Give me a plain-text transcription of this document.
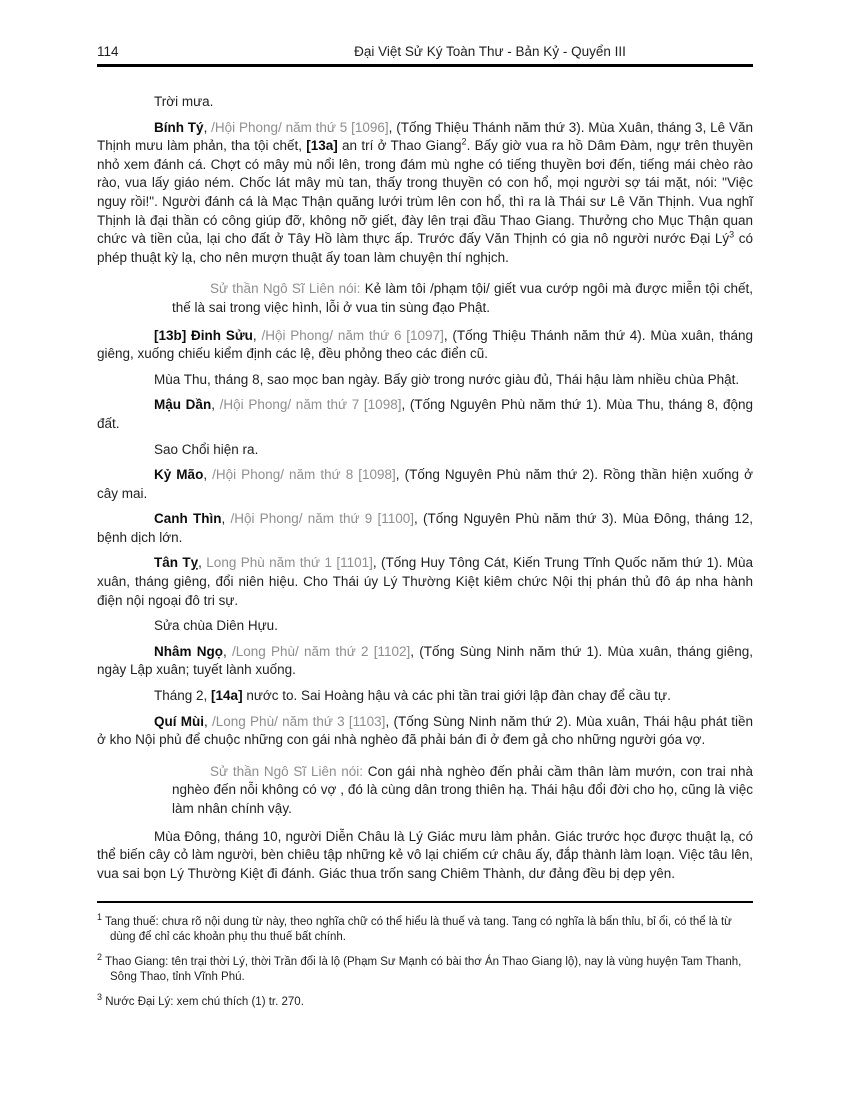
114	Đại Việt Sử Ký Toàn Thư - Bản Kỷ - Quyển III

Trời mưa.

Bính Tý, /Hội Phong/ năm thứ 5 [1096], (Tống Thiệu Thánh năm thứ 3). Mùa Xuân, tháng 3, Lê Văn Thịnh mưu làm phản, tha tội chết, [13a] an trí ở Thao Giang$^2$. Bấy giờ vua ra hồ Dâm Đàm, ngự trên thuyền nhỏ xem đánh cá. Chợt có mây mù nổi lên, trong đám mù nghe có tiếng thuyền bơi đến, tiếng mái chèo rào rào, vua lấy giáo ném. Chốc lát mây mù tan, thấy trong thuyền có con hổ, mọi người sợ tái mặt, nói: "Việc nguy rồi!". Người đánh cá là Mạc Thận quăng lưới trùm lên con hổ, thì ra là Thái sư Lê Văn Thịnh. Vua nghĩ Thịnh là đại thần có công giúp đỡ, không nỡ giết, đày lên trại đầu Thao Giang. Thưởng cho Mục Thận quan chức và tiền của, lại cho đất ở Tây Hồ làm thực ấp. Trước đấy Văn Thịnh có gia nô người nước Đại $Lý^3$ có phép thuật kỳ lạ, cho nên mượn thuật ấy toan làm chuyện thí nghịch.

Sử thần Ngô Sĩ Liên nói: Kẻ làm tôi /phạm tội/ giết vua cướp ngôi mà được miễn tội chết, thế là sai trong việc hình, lỗi ở vua tin sùng đạo Phật.

[13b] Đinh Sửu, /Hội Phong/ năm thứ 6 [1097], (Tống Thiệu Thánh năm thứ 4). Mùa xuân, tháng giêng, xuống chiếu kiểm định các lệ, đều phỏng theo các điển cũ.

Mùa Thu, tháng 8, sao mọc ban ngày. Bấy giờ trong nước giàu đủ, Thái hậu làm nhiều chùa Phật.

Mậu Dần, /Hội Phong/ năm thứ 7 [1098], (Tống Nguyên Phù năm thứ 1). Mùa Thu, tháng 8, động đất.

Sao Chổi hiện ra.

Kỷ Mão, /Hội Phong/ năm thứ 8 [1098], (Tống Nguyên Phù năm thứ 2). Rồng thần hiện xuống ở cây mai.

Canh Thìn, /Hội Phong/ năm thứ 9 [1100], (Tống Nguyên Phù năm thứ 3). Mùa Đông, tháng 12, bệnh dịch lớn.

Tân Tỵ, Long Phù năm thứ 1 [1101], (Tống Huy Tông Cát, Kiến Trung Tĩnh Quốc năm thứ 1). Mùa xuân, tháng giêng, đổi niên hiệu. Cho Thái úy Lý Thường Kiệt kiêm chức Nội thị phán thủ đô áp nha hành điện nội ngoại đô tri sự.

Sửa chùa Diên Hựu.

Nhâm Ngọ, /Long Phù/ năm thứ 2 [1102], (Tống Sùng Ninh năm thứ 1). Mùa xuân, tháng giêng, ngày Lập xuân; tuyết lành xuống.

Tháng 2, [14a] nước to. Sai Hoàng hậu và các phi tần trai giới lập đàn chay để cầu tự.

Quí Mùi, /Long Phù/ năm thứ 3 [1103], (Tống Sùng Ninh năm thứ 2). Mùa xuân, Thái hậu phát tiền ở kho Nội phủ để chuộc những con gái nhà nghèo đã phải bán đi ở đem gả cho những người góa vợ.

Sử thần Ngô Sĩ Liên nói: Con gái nhà nghèo đến phải cầm thân làm mướn, con trai nhà nghèo đến nỗi không có vợ , đó là cùng dân trong thiên hạ. Thái hậu đổi đời cho họ, cũng là việc làm nhân chính vậy.

Mùa Đông, tháng 10, người Diễn Châu là Lý Giác mưu làm phản. Giác trước học được thuật lạ, có thể biến cây cỏ làm người, bèn chiêu tập những kẻ vô lại chiếm cứ châu ấy, đắp thành làm loạn. Việc tâu lên, vua sai bọn Lý Thường Kiệt đi đánh. Giác thua trốn sang Chiêm Thành, dư đảng đều bị dẹp yên.

$^1$ Tang thuế: chưa rõ nội dung từ này, theo nghĩa chữ có thể hiểu là thuế và tang. Tang có nghĩa là bẩn thỉu, bỉ ổi, có thể là từ dùng để chỉ các khoản phụ thu thuế bất chính.
$^2$ Thao Giang: tên trại thời Lý, thời Trần đổi là lộ (Phạm Sư Mạnh có bài thơ Án Thao Giang lộ), nay là vùng huyện Tam Thanh, Sông Thao, tỉnh Vĩnh Phú.
$^3$ Nước Đại Lý: xem chú thích (1) tr. 270.
